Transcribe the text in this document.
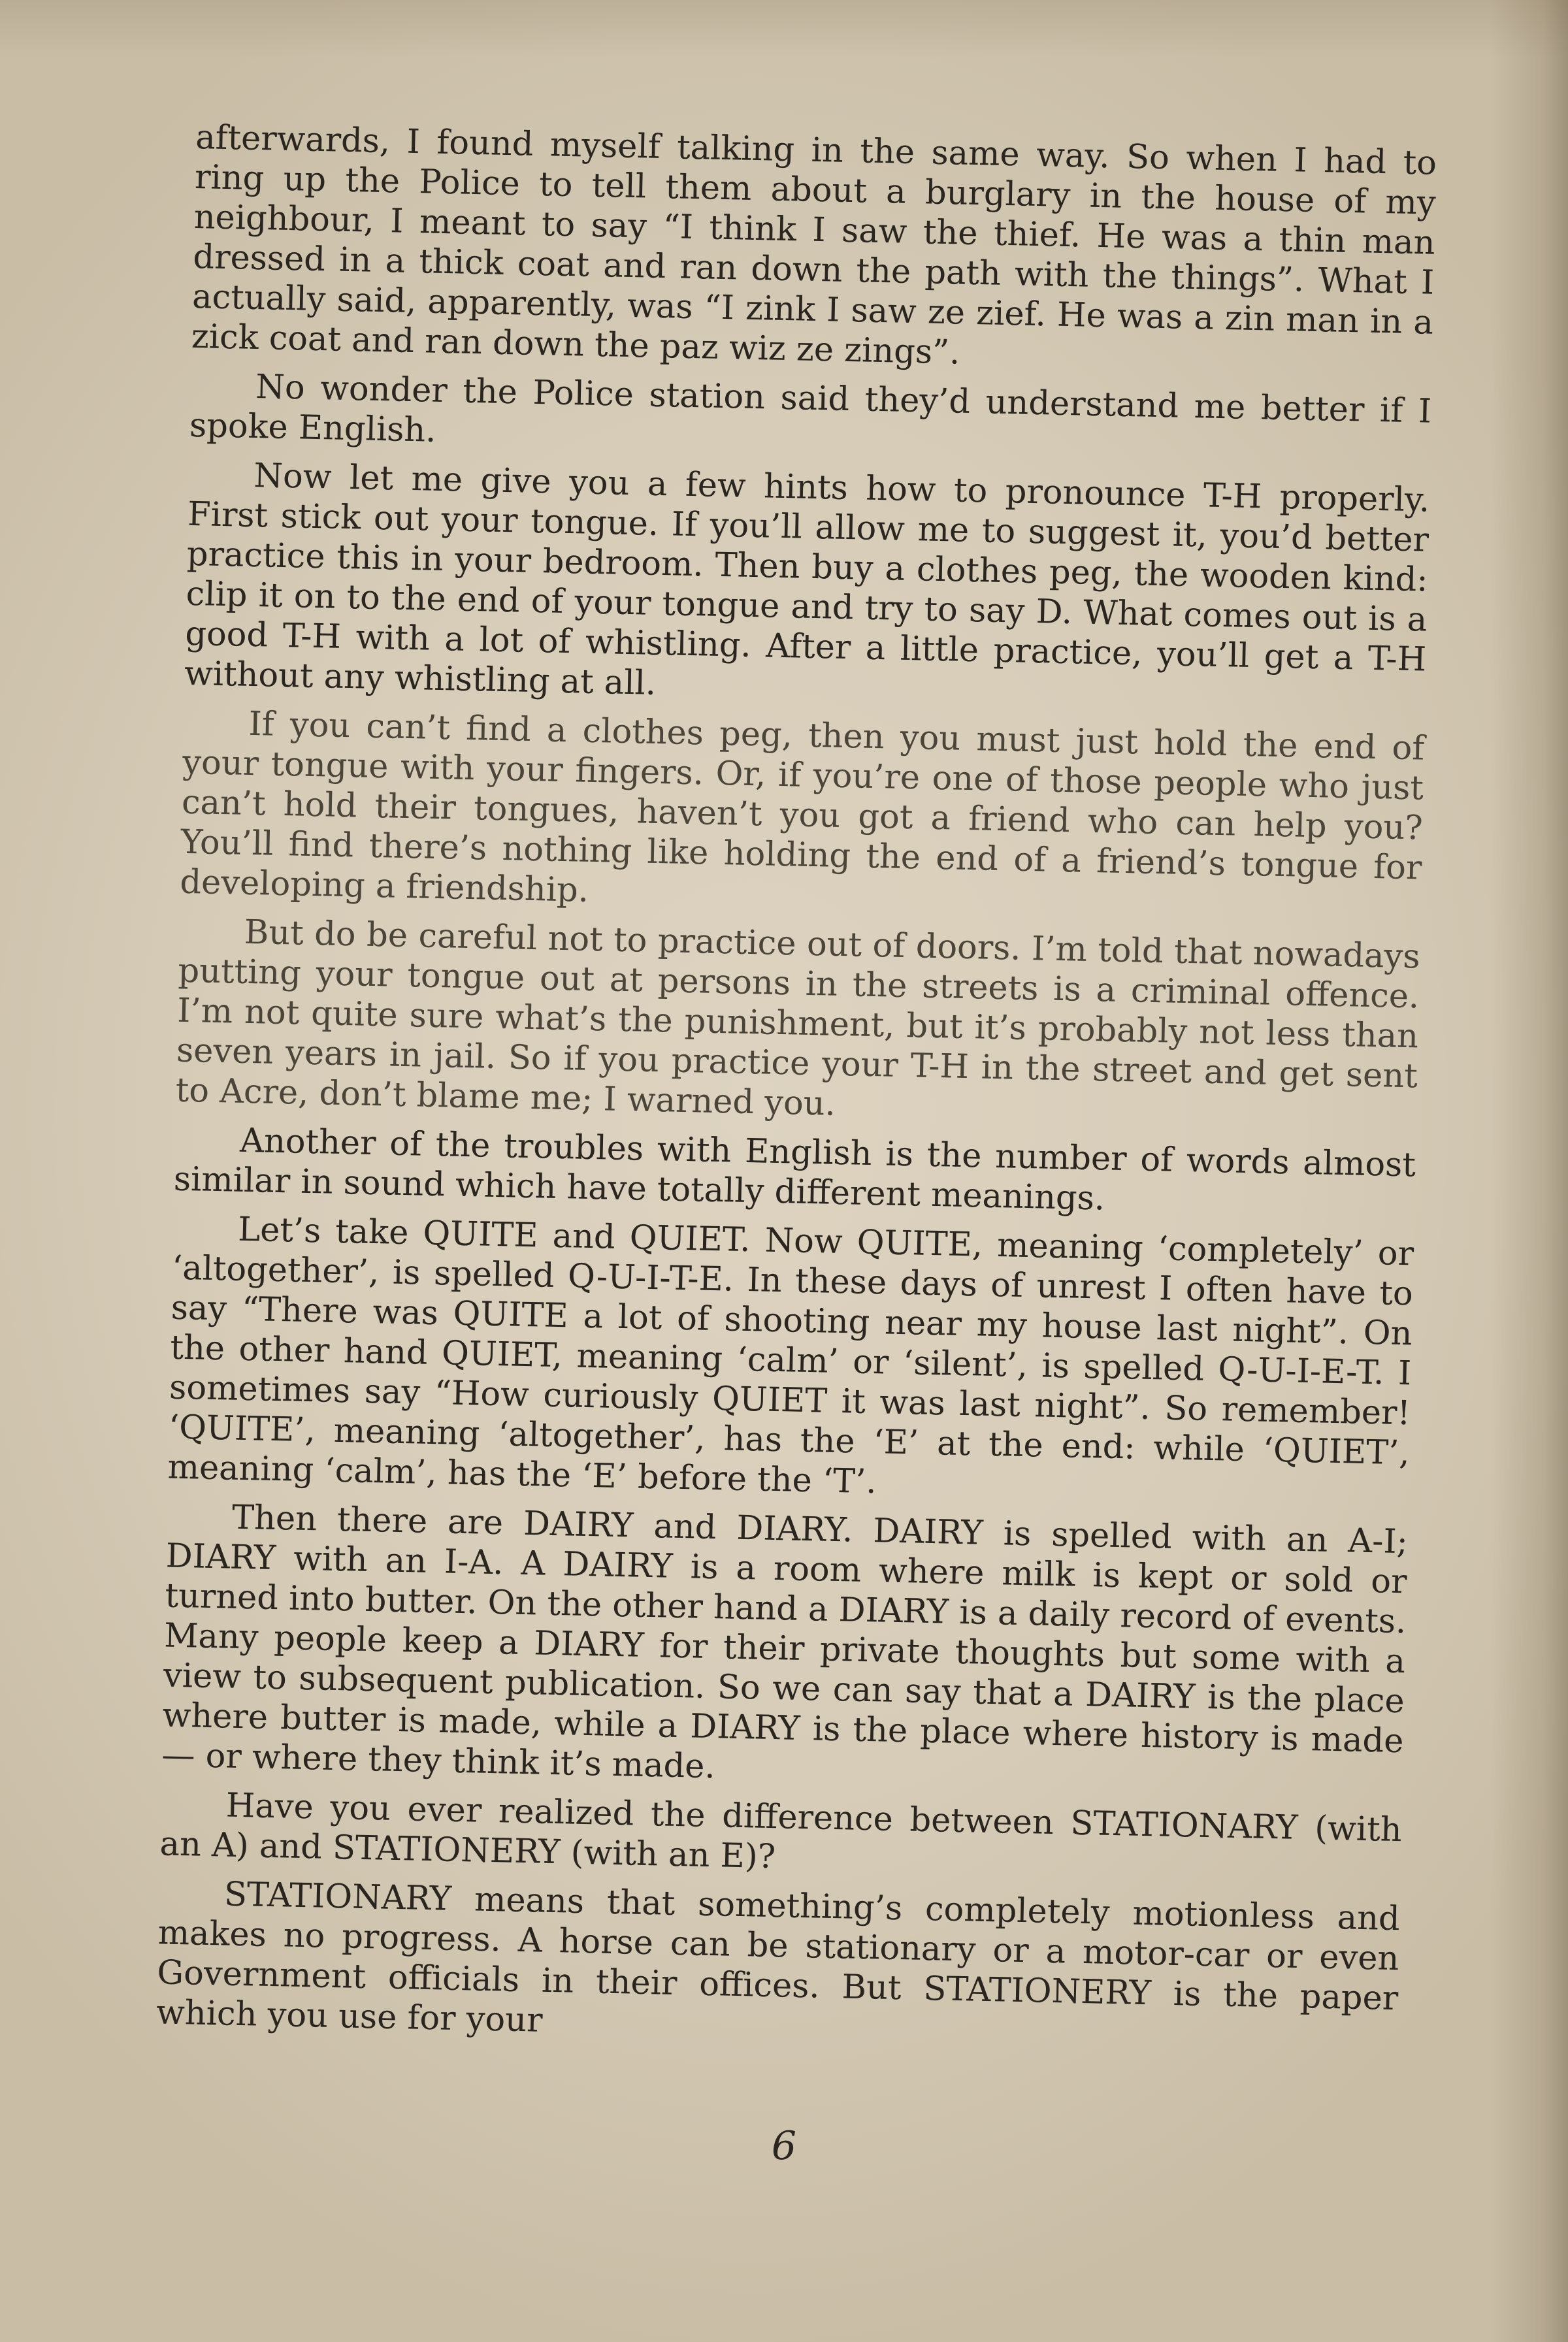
afterwards, I found myself talking in the same way. So when I had to ring up the Police to tell them about a burglary in the house of my neighbour, I meant to say “I think I saw the thief. He was a thin man dressed in a thick coat and ran down the path with the things”. What I actually said, apparently, was “I zink I saw ze zief. He was a zin man in a zick coat and ran down the paz wiz ze zings”.

No wonder the Police station said they’d understand me better if I spoke English.

Now let me give you a few hints how to pronounce T-H properly. First stick out your tongue. If you’ll allow me to suggest it, you’d better practice this in your bedroom. Then buy a clothes peg, the wooden kind: clip it on to the end of your tongue and try to say D. What comes out is a good T-H with a lot of whistling. After a little practice, you’ll get a T-H without any whistling at all.

If you can’t find a clothes peg, then you must just hold the end of your tongue with your fingers. Or, if you’re one of those people who just can’t hold their tongues, haven’t you got a friend who can help you? You’ll find there’s nothing like holding the end of a friend’s tongue for developing a friendship.

But do be careful not to practice out of doors. I’m told that nowadays putting your tongue out at persons in the streets is a criminal offence. I’m not quite sure what’s the punishment, but it’s probably not less than seven years in jail. So if you practice your T-H in the street and get sent to Acre, don’t blame me; I warned you.

Another of the troubles with English is the number of words almost similar in sound which have totally different meanings.

Let’s take QUITE and QUIET. Now QUITE, meaning ‘completely’ or ‘altogether’, is spelled Q-U-I-T-E. In these days of unrest I often have to say “There was QUITE a lot of shooting near my house last night”. On the other hand QUIET, meaning ‘calm’ or ‘silent’, is spelled Q-U-I-E-T. I sometimes say “How curiously QUIET it was last night”. So remember! ‘QUITE’, meaning ‘altogether’, has the ‘E’ at the end: while ‘QUIET’, meaning ‘calm’, has the ‘E’ before the ‘T’.

Then there are DAIRY and DIARY. DAIRY is spelled with an A-I; DIARY with an I-A. A DAIRY is a room where milk is kept or sold or turned into butter. On the other hand a DIARY is a daily record of events. Many people keep a DIARY for their private thoughts but some with a view to subsequent publication. So we can say that a DAIRY is the place where butter is made, while a DIARY is the place where history is made — or where they think it’s made.

Have you ever realized the difference between STATIONARY (with an A) and STATIONERY (with an E)?

STATIONARY means that something’s completely motionless and makes no progress. A horse can be stationary or a motor-car or even Government officials in their offices. But STATIONERY is the paper which you use for your

6
